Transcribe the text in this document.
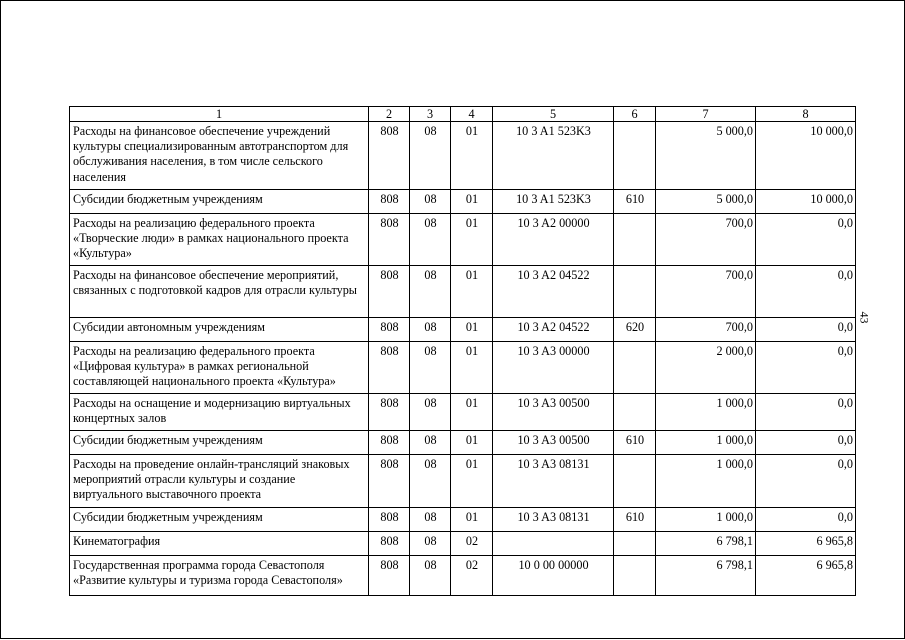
1	2	3	4	5	6	7	8
Расходы на финансовое обеспечение учреждений культуры специализированным автотранспортом для обслуживания населения, в том числе сельского населения	808	08	01	10 3 A1 523K3		5 000,0	10 000,0
Субсидии бюджетным учреждениям	808	08	01	10 3 A1 523K3	610	5 000,0	10 000,0
Расходы на реализацию федерального проекта «Творческие люди» в рамках национального проекта «Культура»	808	08	01	10 3 A2 00000		700,0	0,0
Расходы на финансовое обеспечение мероприятий, связанных с подготовкой кадров для отрасли культуры	808	08	01	10 3 A2 04522		700,0	0,0
Субсидии автономным учреждениям	808	08	01	10 3 A2 04522	620	700,0	0,0
Расходы на реализацию федерального проекта «Цифровая культура» в рамках региональной составляющей национального проекта «Культура»	808	08	01	10 3 A3 00000		2 000,0	0,0
Расходы на оснащение и модернизацию виртуальных концертных залов	808	08	01	10 3 A3 00500		1 000,0	0,0
Субсидии бюджетным учреждениям	808	08	01	10 3 A3 00500	610	1 000,0	0,0
Расходы на проведение онлайн-трансляций знаковых мероприятий отрасли культуры и создание виртуального выставочного проекта	808	08	01	10 3 A3 08131		1 000,0	0,0
Субсидии бюджетным учреждениям	808	08	01	10 3 A3 08131	610	1 000,0	0,0
Кинематография	808	08	02			6 798,1	6 965,8
Государственная программа города Севастополя «Развитие культуры и туризма города Севастополя»	808	08	02	10 0 00 00000		6 798,1	6 965,8
43
